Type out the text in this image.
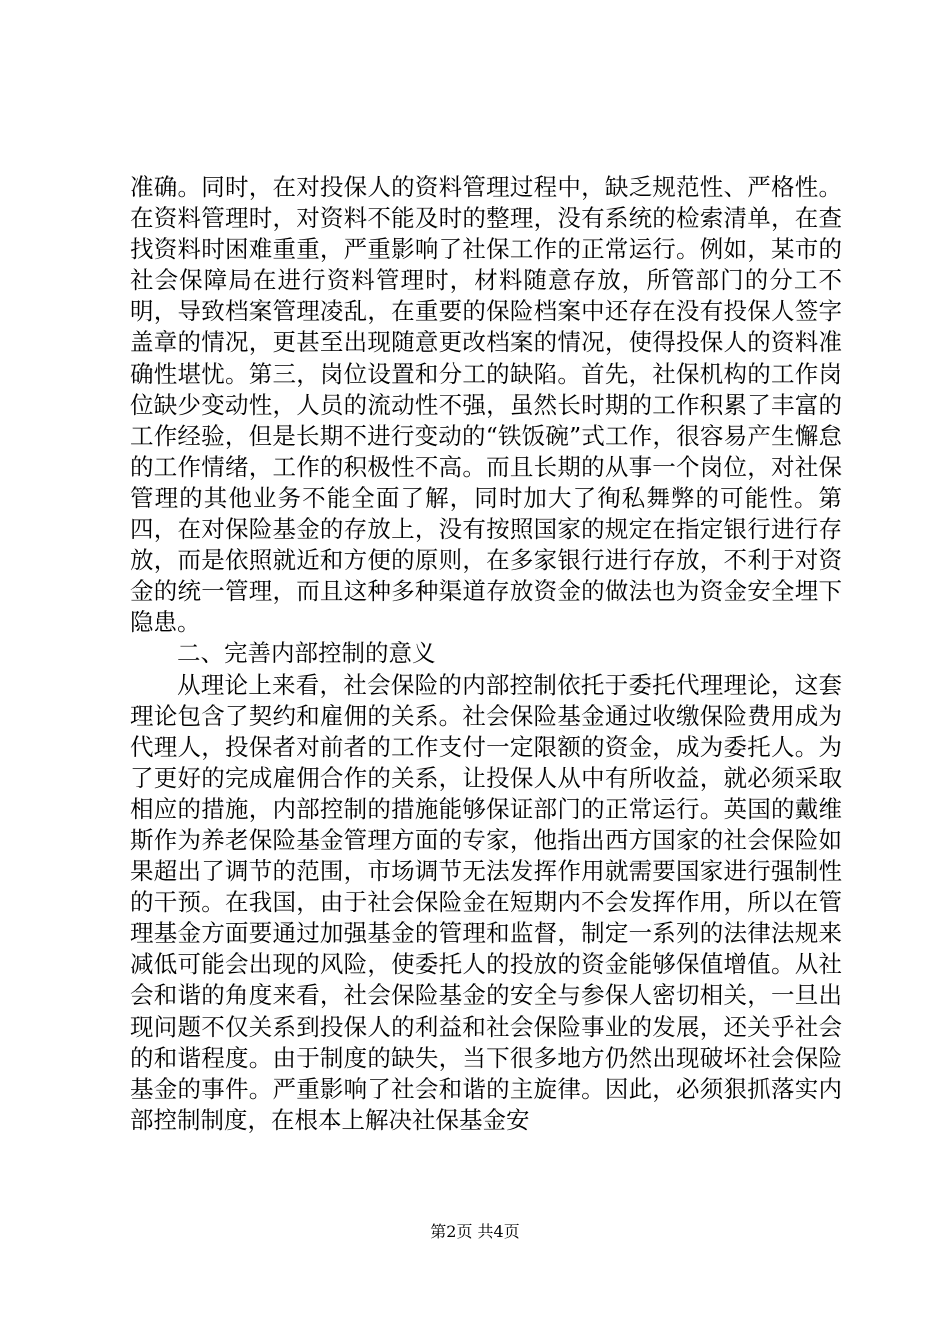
准确。同时，在对投保人的资料管理过程中，缺乏规范性、严格性。在资料管理时，对资料不能及时的整理，没有系统的检索清单，在查找资料时困难重重，严重影响了社保工作的正常运行。例如，某市的社会保障局在进行资料管理时，材料随意存放，所管部门的分工不明，导致档案管理凌乱，在重要的保险档案中还存在没有投保人签字盖章的情况，更甚至出现随意更改档案的情况，使得投保人的资料准确性堪忧。第三，岗位设置和分工的缺陷。首先，社保机构的工作岗位缺少变动性，人员的流动性不强，虽然长时期的工作积累了丰富的工作经验，但是长期不进行变动的“铁饭碗”式工作，很容易产生懈怠的工作情绪，工作的积极性不高。而且长期的从事一个岗位，对社保管理的其他业务不能全面了解，同时加大了徇私舞弊的可能性。第四，在对保险基金的存放上，没有按照国家的规定在指定银行进行存放，而是依照就近和方便的原则，在多家银行进行存放，不利于对资金的统一管理，而且这种多种渠道存放资金的做法也为资金安全埋下隐患。

二、完善内部控制的意义

从理论上来看，社会保险的内部控制依托于委托代理理论，这套理论包含了契约和雇佣的关系。社会保险基金通过收缴保险费用成为代理人，投保者对前者的工作支付一定限额的资金，成为委托人。为了更好的完成雇佣合作的关系，让投保人从中有所收益，就必须采取相应的措施，内部控制的措施能够保证部门的正常运行。英国的戴维斯作为养老保险基金管理方面的专家，他指出西方国家的社会保险如果超出了调节的范围，市场调节无法发挥作用就需要国家进行强制性的干预。在我国，由于社会保险金在短期内不会发挥作用，所以在管理基金方面要通过加强基金的管理和监督，制定一系列的法律法规来减低可能会出现的风险，使委托人的投放的资金能够保值增值。从社会和谐的角度来看，社会保险基金的安全与参保人密切相关，一旦出现问题不仅关系到投保人的利益和社会保险事业的发展，还关乎社会的和谐程度。由于制度的缺失，当下很多地方仍然出现破坏社会保险基金的事件。严重影响了社会和谐的主旋律。因此，必须狠抓落实内部控制制度，在根本上解决社保基金安

第2页 共4页
